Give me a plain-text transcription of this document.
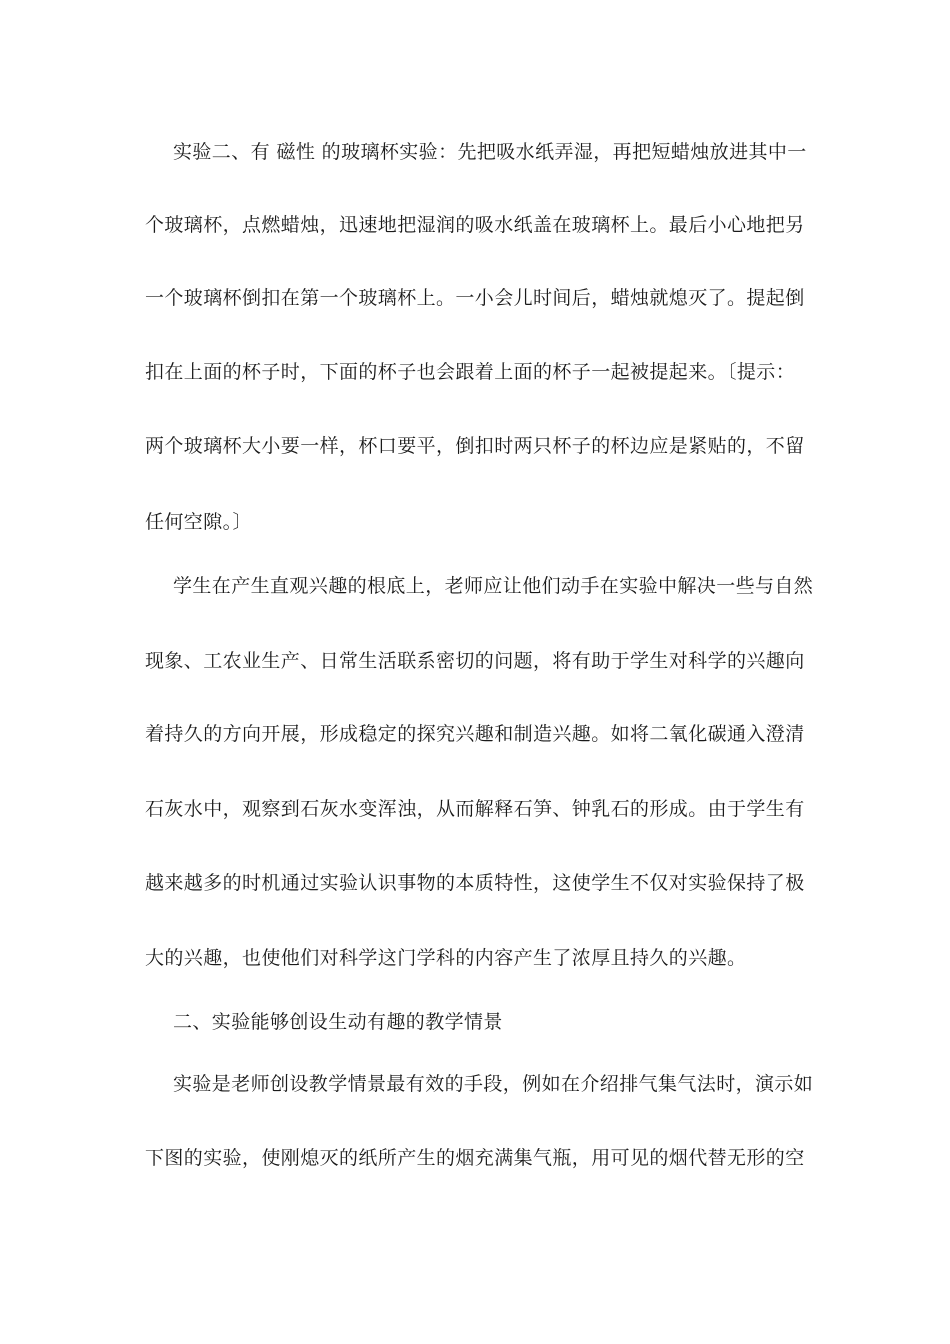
实验二、有 磁性 的玻璃杯实验：先把吸水纸弄湿，再把短蜡烛放进其中一
个玻璃杯，点燃蜡烛，迅速地把湿润的吸水纸盖在玻璃杯上。最后小心地把另
一个玻璃杯倒扣在第一个玻璃杯上。一小会儿时间后，蜡烛就熄灭了。提起倒
扣在上面的杯子时，下面的杯子也会跟着上面的杯子一起被提起来。〔提示：
两个玻璃杯大小要一样，杯口要平，倒扣时两只杯子的杯边应是紧贴的，不留
任何空隙。〕
学生在产生直观兴趣的根底上，老师应让他们动手在实验中解决一些与自然
现象、工农业生产、日常生活联系密切的问题，将有助于学生对科学的兴趣向
着持久的方向开展，形成稳定的探究兴趣和制造兴趣。如将二氧化碳通入澄清
石灰水中，观察到石灰水变浑浊，从而解释石笋、钟乳石的形成。由于学生有
越来越多的时机通过实验认识事物的本质特性，这使学生不仅对实验保持了极
大的兴趣，也使他们对科学这门学科的内容产生了浓厚且持久的兴趣。
二、实验能够创设生动有趣的教学情景
实验是老师创设教学情景最有效的手段，例如在介绍排气集气法时，演示如
下图的实验，使刚熄灭的纸所产生的烟充满集气瓶，用可见的烟代替无形的空
